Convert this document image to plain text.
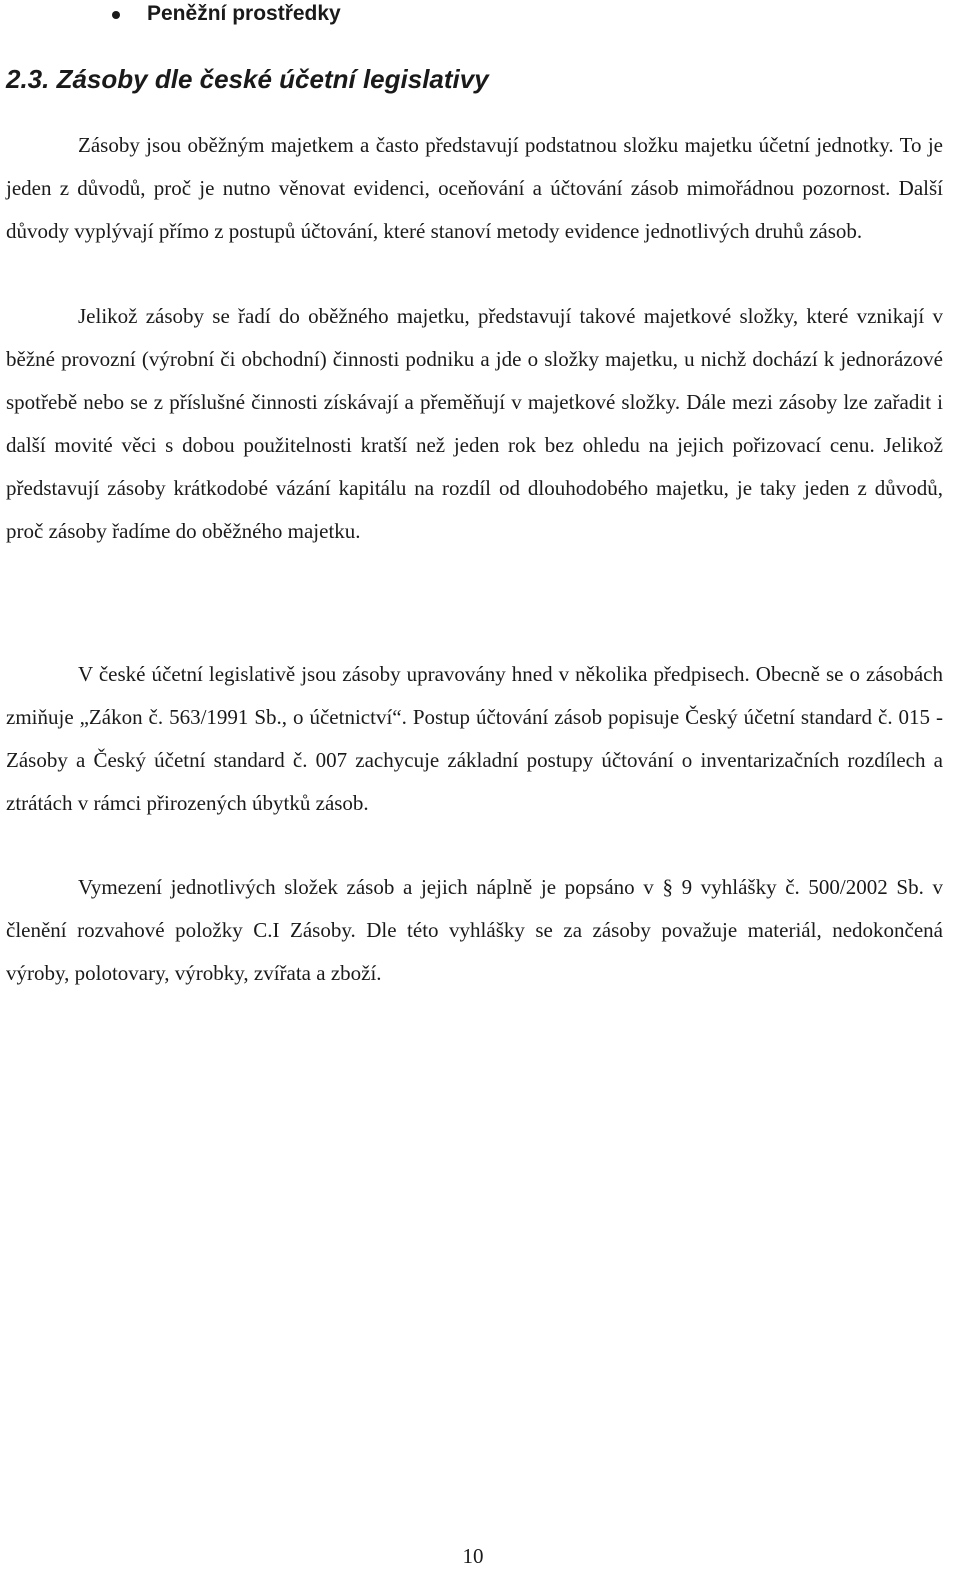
Peněžní prostředky
2.3. Zásoby dle české účetní legislativy

Zásoby jsou oběžným majetkem a často představují podstatnou složku majetku účetní jednotky. To je jeden z důvodů, proč je nutno věnovat evidenci, oceňování a účtování zásob mimořádnou pozornost. Další důvody vyplývají přímo z postupů účtování, které stanoví metody evidence jednotlivých druhů zásob.

Jelikož zásoby se řadí do oběžného majetku, představují takové majetkové složky, které vznikají v běžné provozní (výrobní či obchodní) činnosti podniku a jde o složky majetku, u nichž dochází k jednorázové spotřebě nebo se z příslušné činnosti získávají a přeměňují v majetkové složky. Dále mezi zásoby lze zařadit i další movité věci s dobou použitelnosti kratší než jeden rok bez ohledu na jejich pořizovací cenu. Jelikož představují zásoby krátkodobé vázání kapitálu na rozdíl od dlouhodobého majetku, je taky jeden z důvodů, proč zásoby řadíme do oběžného majetku.

V české účetní legislativě jsou zásoby upravovány hned v několika předpisech. Obecně se o zásobách zmiňuje „Zákon č. 563/1991 Sb., o účetnictví“. Postup účtování zásob popisuje Český účetní standard č. 015 - Zásoby a Český účetní standard č. 007 zachycuje základní postupy účtování o inventarizačních rozdílech a ztrátách v rámci přirozených úbytků zásob.

Vymezení jednotlivých složek zásob a jejich náplně je popsáno v § 9 vyhlášky č. 500/2002 Sb. v členění rozvahové položky C.I Zásoby. Dle této vyhlášky se za zásoby považuje materiál, nedokončená výroby, polotovary, výrobky, zvířata a zboží.

10
